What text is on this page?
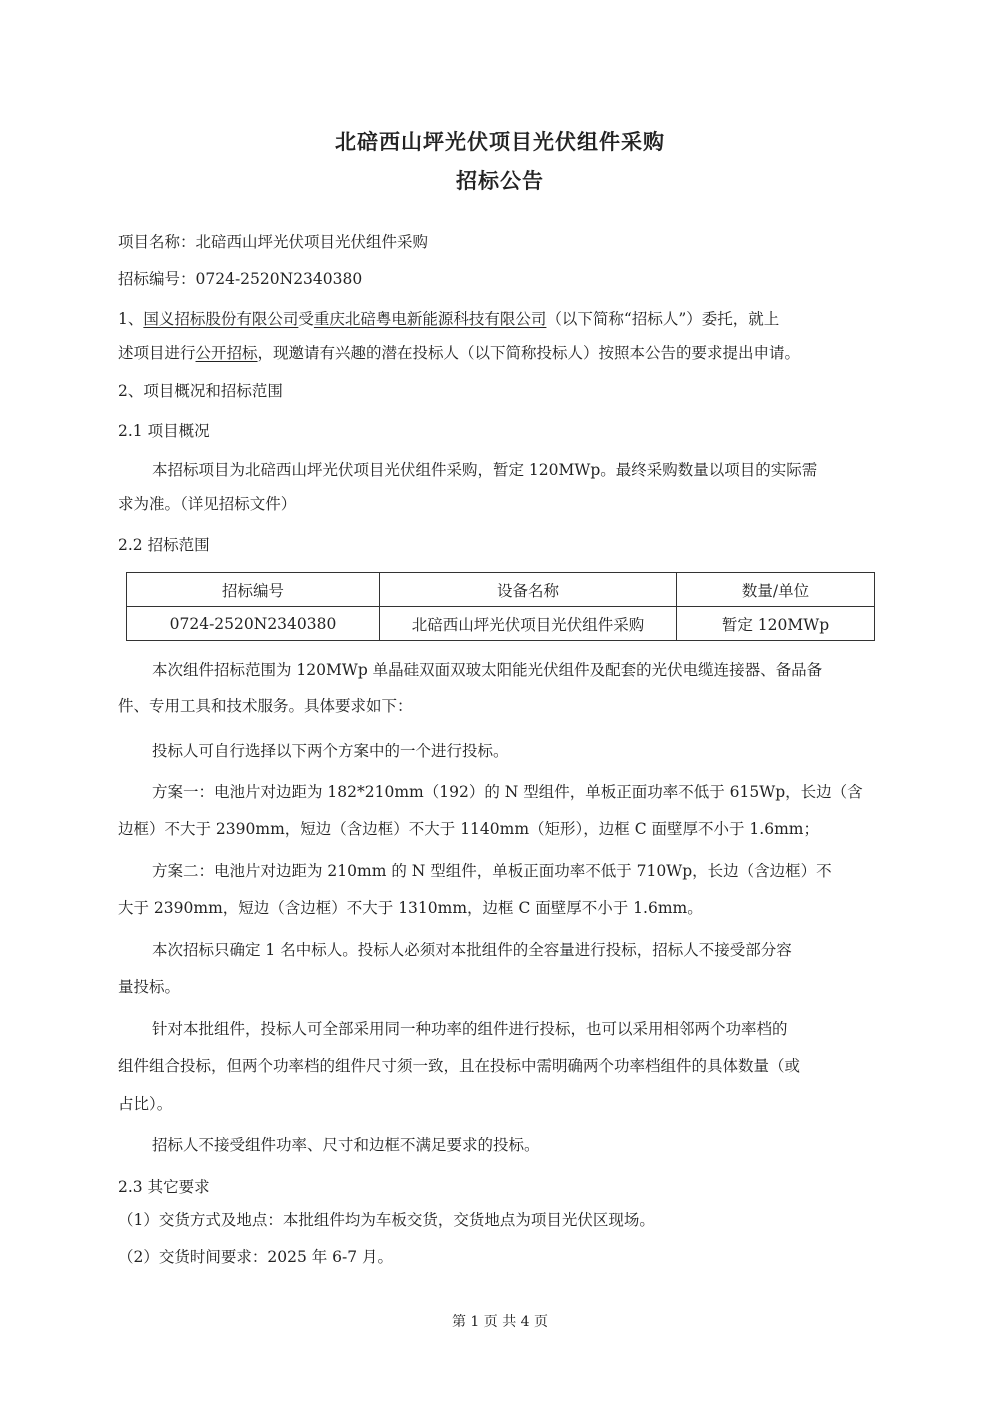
北碚西山坪光伏项目光伏组件采购
招标公告
项目名称：北碚西山坪光伏项目光伏组件采购
招标编号：0724-2520N2340380
1、国义招标股份有限公司受重庆北碚粤电新能源科技有限公司（以下简称“招标人”）委托，就上
述项目进行公开招标，现邀请有兴趣的潜在投标人（以下简称投标人）按照本公告的要求提出申请。
2、项目概况和招标范围
2.1 项目概况
本招标项目为北碚西山坪光伏项目光伏组件采购，暂定 120MWp。最终采购数量以项目的实际需
求为准。（详见招标文件）
2.2 招标范围
招标编号	设备名称	数量/单位
0724-2520N2340380	北碚西山坪光伏项目光伏组件采购	暂定 120MWp
本次组件招标范围为 120MWp 单晶硅双面双玻太阳能光伏组件及配套的光伏电缆连接器、备品备
件、专用工具和技术服务。具体要求如下：
投标人可自行选择以下两个方案中的一个进行投标。
方案一：电池片对边距为 182*210mm（192）的 N 型组件，单板正面功率不低于 615Wp，长边（含
边框）不大于 2390mm，短边（含边框）不大于 1140mm（矩形），边框 C 面壁厚不小于 1.6mm；
方案二：电池片对边距为 210mm 的 N 型组件，单板正面功率不低于 710Wp，长边（含边框）不
大于 2390mm，短边（含边框）不大于 1310mm，边框 C 面壁厚不小于 1.6mm。
本次招标只确定 1 名中标人。投标人必须对本批组件的全容量进行投标，招标人不接受部分容
量投标。
针对本批组件，投标人可全部采用同一种功率的组件进行投标，也可以采用相邻两个功率档的
组件组合投标，但两个功率档的组件尺寸须一致，且在投标中需明确两个功率档组件的具体数量（或
占比）。
招标人不接受组件功率、尺寸和边框不满足要求的投标。
2.3 其它要求
（1）交货方式及地点：本批组件均为车板交货，交货地点为项目光伏区现场。
（2）交货时间要求：2025 年 6-7 月。
第 1 页 共 4 页
